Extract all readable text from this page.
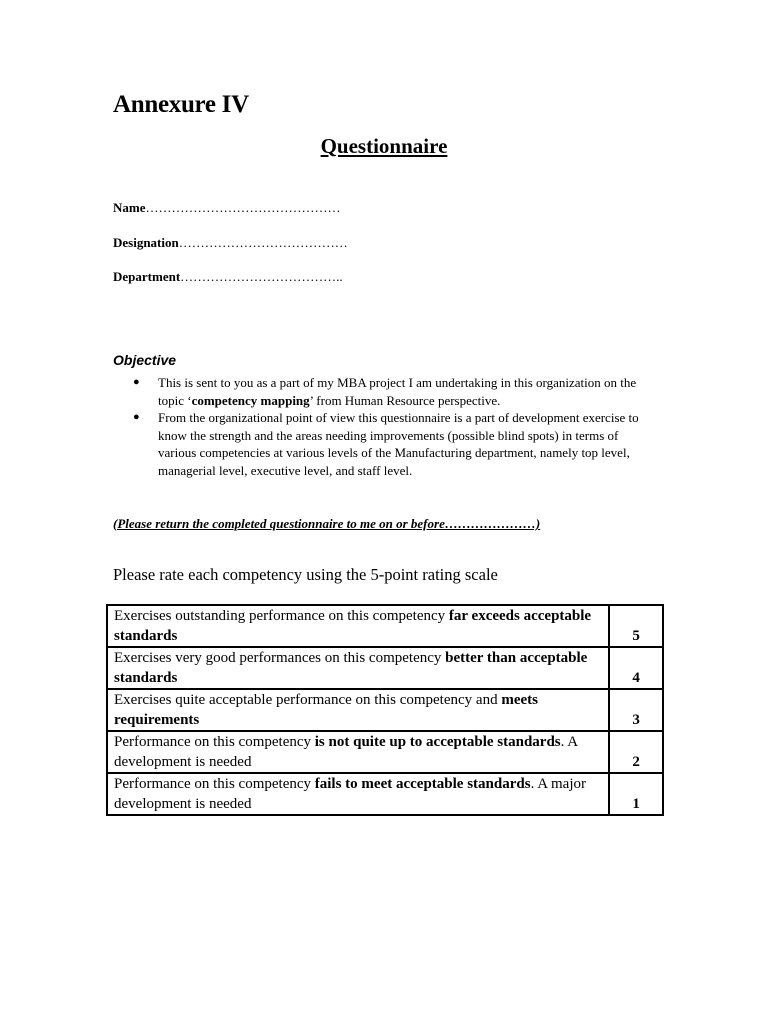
Annexure IV
Questionnaire
Name………………………………………
Designation…………………………………
Department………………………………..
Objective
● This is sent to you as a part of my MBA project I am undertaking in this organization on the topic ‘competency mapping’ from Human Resource perspective.
● From the organizational point of view this questionnaire is a part of development exercise to know the strength and the areas needing improvements (possible blind spots) in terms of various competencies at various levels of the Manufacturing department, namely top level, managerial level, executive level, and staff level.
(Please return the completed questionnaire to me on or before…………………)
Please rate each competency using the 5-point rating scale
Exercises outstanding performance on this competency far exceeds acceptable standards	5
Exercises very good performances on this competency better than acceptable standards	4
Exercises quite acceptable performance on this competency and meets requirements	3
Performance on this competency is not quite up to acceptable standards. A development is needed	2
Performance on this competency fails to meet acceptable standards. A major development is needed	1
